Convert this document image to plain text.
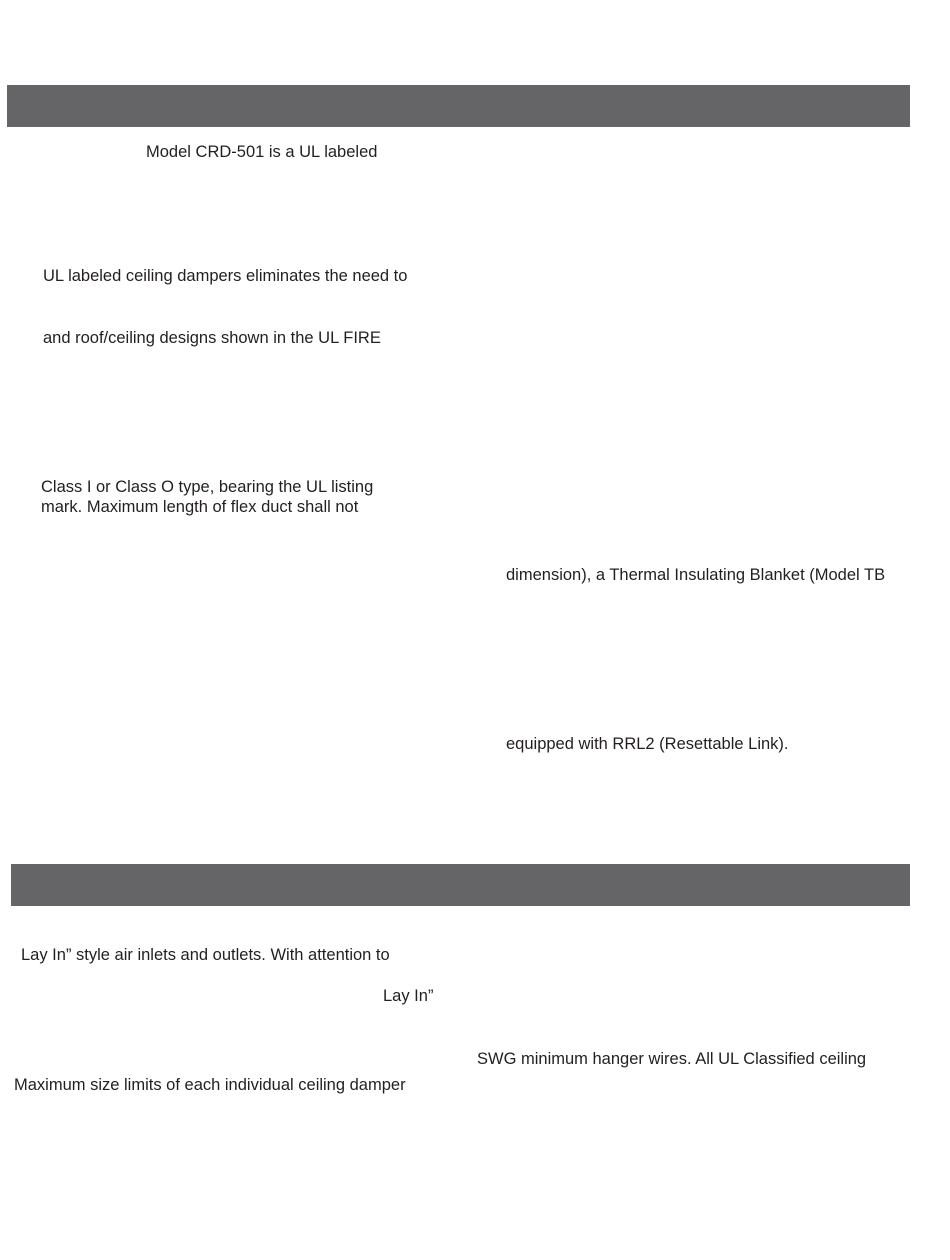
Model CRD-501 is a UL labeled

UL labeled ceiling dampers eliminates the need to

and roof/ceiling designs shown in the UL FIRE

Class I or Class O type, bearing the UL listing

mark. Maximum length of flex duct shall not

dimension), a Thermal Insulating Blanket (Model TB

equipped with RRL2 (Resettable Link).

Lay In” style air inlets and outlets. With attention to

Lay In”

SWG minimum hanger wires. All UL Classified ceiling

Maximum size limits of each individual ceiling damper
